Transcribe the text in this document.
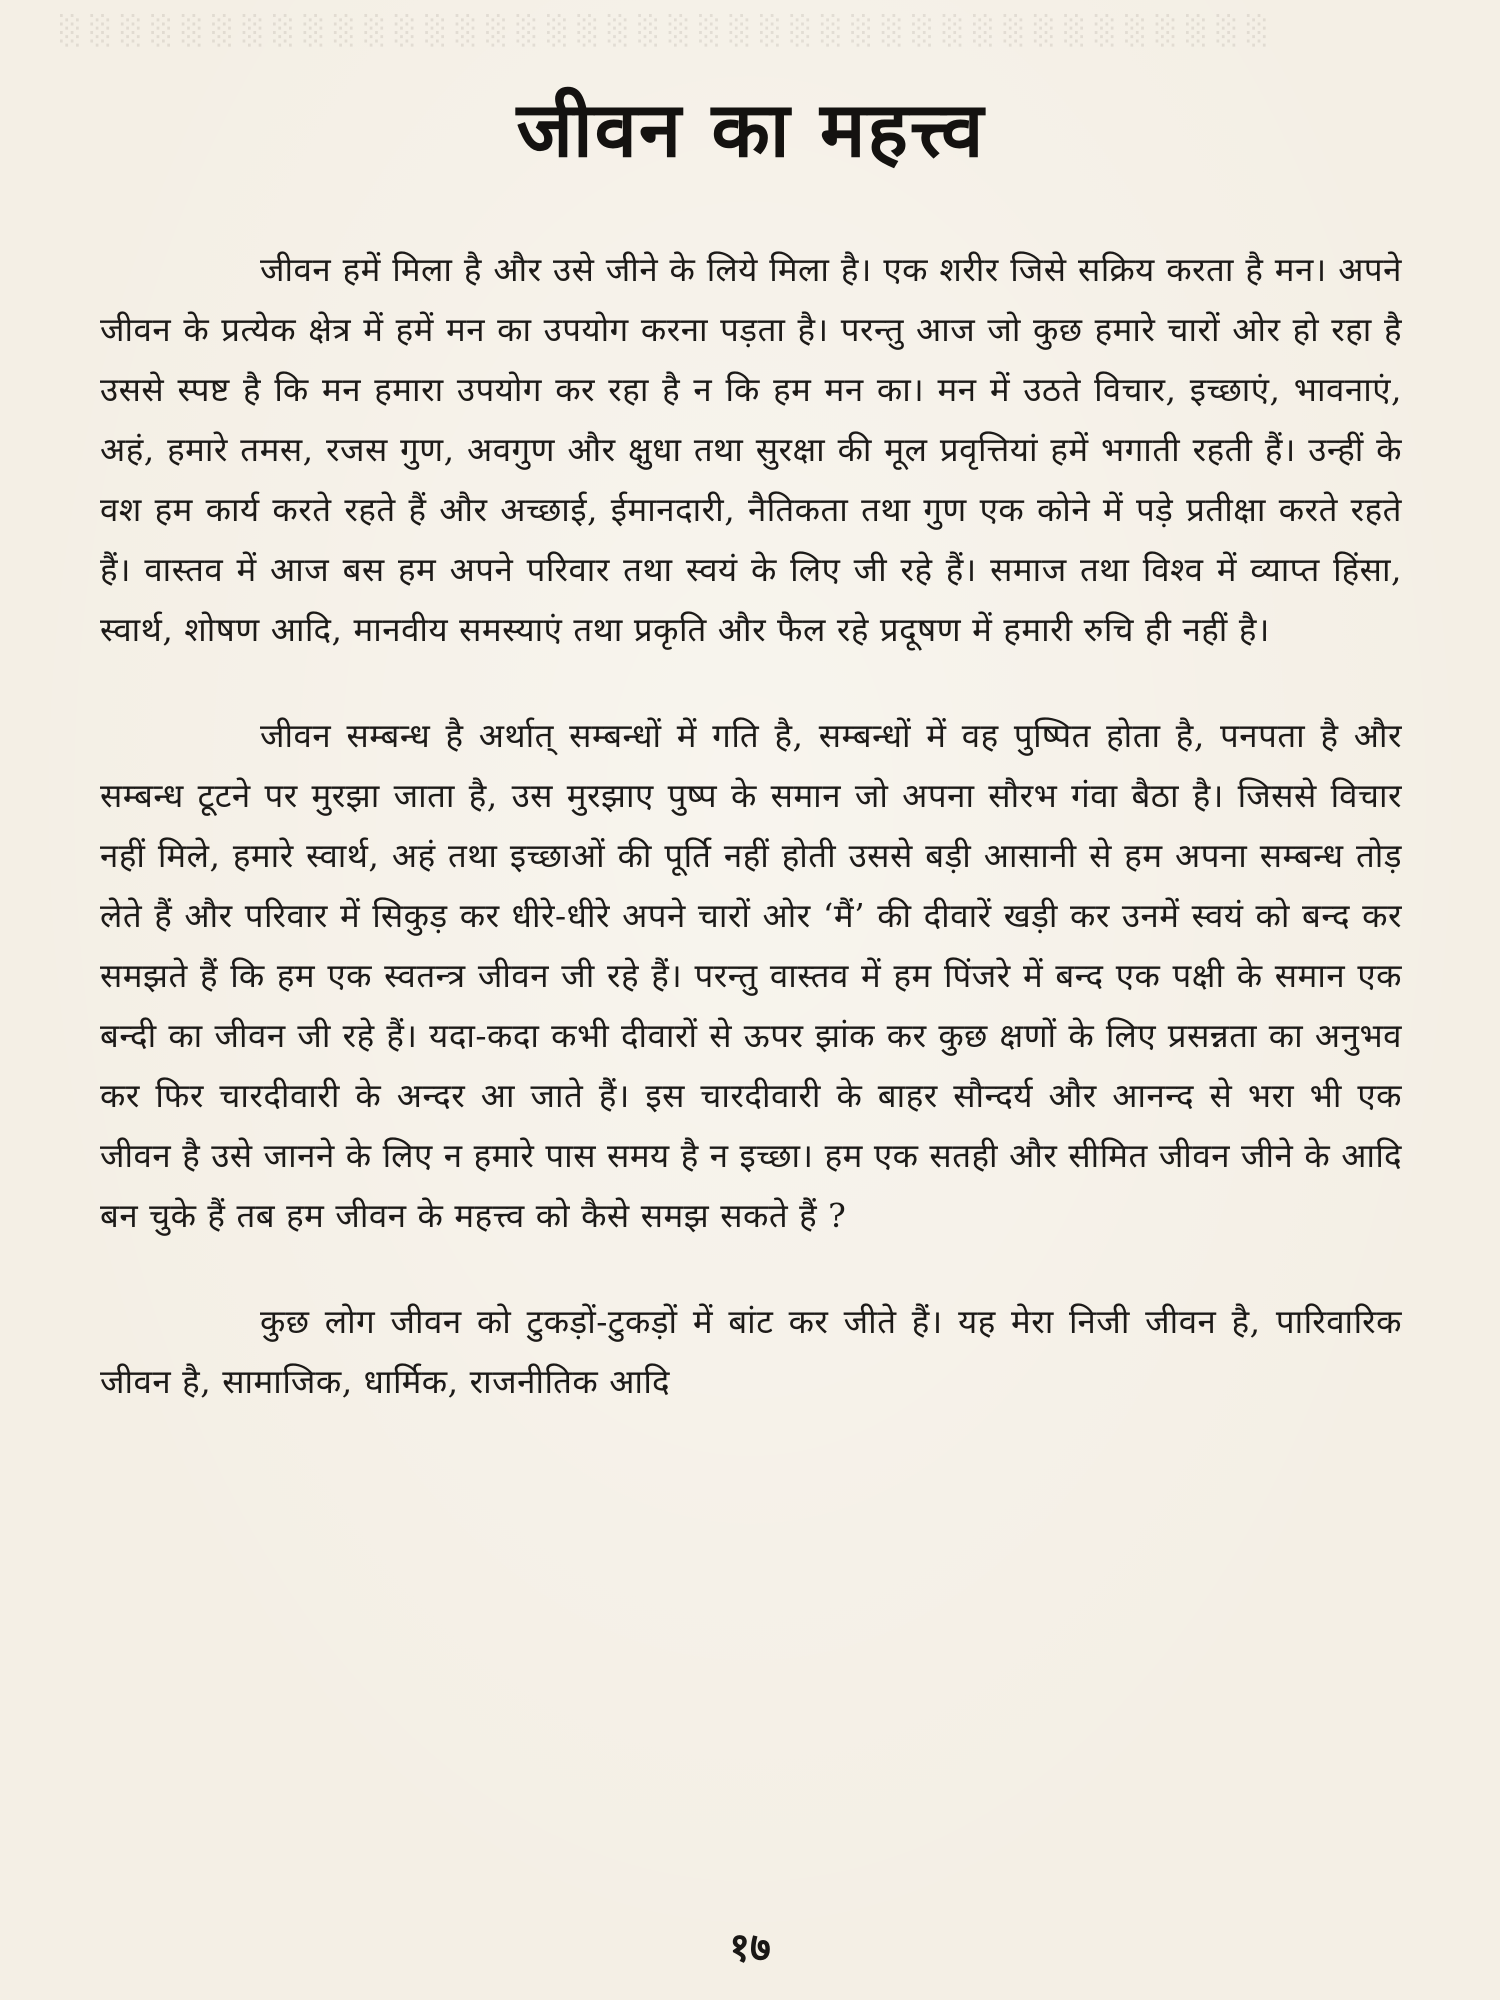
░ ░ ░ ░ ░ ░ ░ ░ ░ ░ ░ ░ ░ ░ ░ ░ ░ ░ ░ ░ ░ ░ ░ ░ ░ ░ ░ ░ ░ ░ ░ ░ ░ ░ ░ ░ ░ ░ ░ ░
जीवन का महत्त्व

जीवन हमें मिला है और उसे जीने के लिये मिला है। एक शरीर जिसे सक्रिय करता है मन। अपने जीवन के प्रत्येक क्षेत्र में हमें मन का उपयोग करना पड़ता है। परन्तु आज जो कुछ हमारे चारों ओर हो रहा है उससे स्पष्ट है कि मन हमारा उपयोग कर रहा है न कि हम मन का। मन में उठते विचार, इच्छाएं, भावनाएं, अहं, हमारे तमस, रजस गुण, अवगुण और क्षुधा तथा सुरक्षा की मूल प्रवृत्तियां हमें भगाती रहती हैं। उन्हीं के वश हम कार्य करते रहते हैं और अच्छाई, ईमानदारी, नैतिकता तथा गुण एक कोने में पड़े प्रतीक्षा करते रहते हैं। वास्तव में आज बस हम अपने परिवार तथा स्वयं के लिए जी रहे हैं। समाज तथा विश्व में व्याप्त हिंसा, स्वार्थ, शोषण आदि, मानवीय समस्याएं तथा प्रकृति और फैल रहे प्रदूषण में हमारी रुचि ही नहीं है।

जीवन सम्बन्ध है अर्थात् सम्बन्धों में गति है, सम्बन्धों में वह पुष्पित होता है, पनपता है और सम्बन्ध टूटने पर मुरझा जाता है, उस मुरझाए पुष्प के समान जो अपना सौरभ गंवा बैठा है। जिससे विचार नहीं मिले, हमारे स्वार्थ, अहं तथा इच्छाओं की पूर्ति नहीं होती उससे बड़ी आसानी से हम अपना सम्बन्ध तोड़ लेते हैं और परिवार में सिकुड़ कर धीरे-धीरे अपने चारों ओर ‘मैं’ की दीवारें खड़ी कर उनमें स्वयं को बन्द कर समझते हैं कि हम एक स्वतन्त्र जीवन जी रहे हैं। परन्तु वास्तव में हम पिंजरे में बन्द एक पक्षी के समान एक बन्दी का जीवन जी रहे हैं। यदा-कदा कभी दीवारों से ऊपर झांक कर कुछ क्षणों के लिए प्रसन्नता का अनुभव कर फिर चारदीवारी के अन्दर आ जाते हैं। इस चारदीवारी के बाहर सौन्दर्य और आनन्द से भरा भी एक जीवन है उसे जानने के लिए न हमारे पास समय है न इच्छा। हम एक सतही और सीमित जीवन जीने के आदि बन चुके हैं तब हम जीवन के महत्त्व को कैसे समझ सकते हैं ?

कुछ लोग जीवन को टुकड़ों-टुकड़ों में बांट कर जीते हैं। यह मेरा निजी जीवन है, पारिवारिक जीवन है, सामाजिक, धार्मिक, राजनीतिक आदि

१७
